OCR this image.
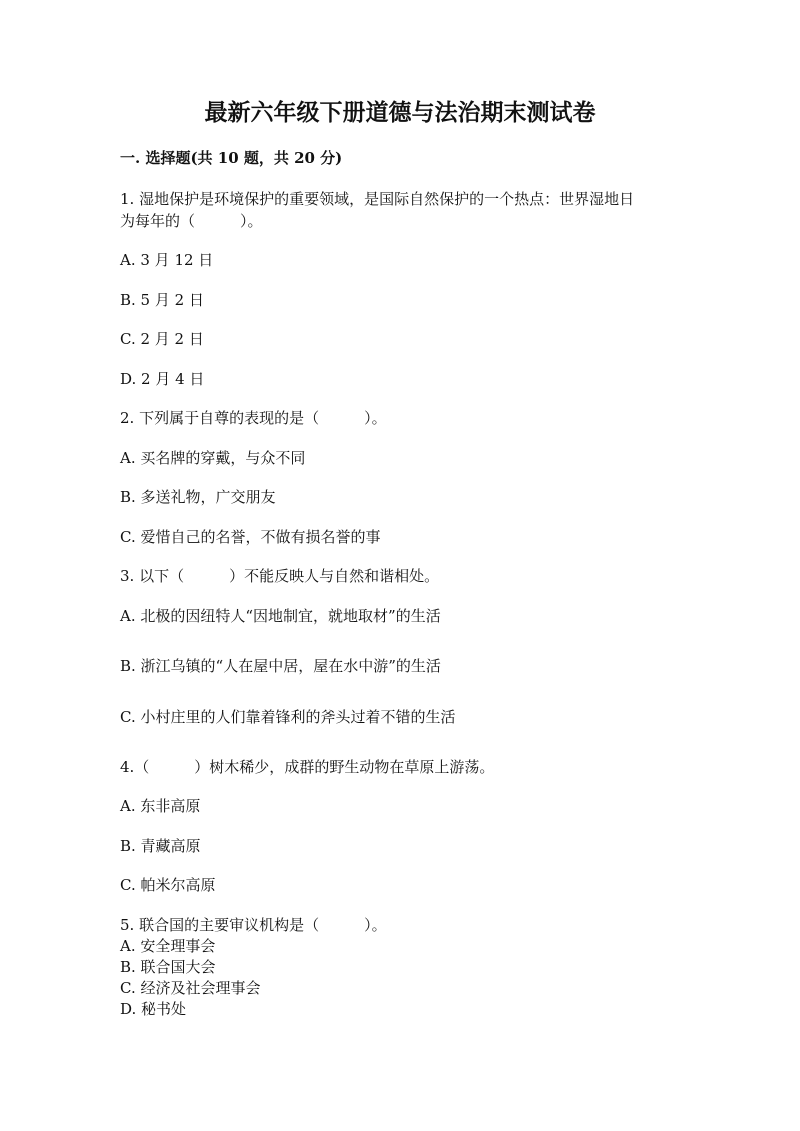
最新六年级下册道德与法治期末测试卷
一. 选择题(共 10 题，共 20 分)
1. 湿地保护是环境保护的重要领域，是国际自然保护的一个热点：世界湿地日
为每年的（　　　）。
A. 3 月 12 日
B. 5 月 2 日
C. 2 月 2 日
D. 2 月 4 日
2. 下列属于自尊的表现的是（　　　）。
A. 买名牌的穿戴，与众不同
B. 多送礼物，广交朋友
C. 爱惜自己的名誉，不做有损名誉的事
3. 以下（　　　）不能反映人与自然和谐相处。
A. 北极的因纽特人“因地制宜，就地取材”的生活
B. 浙江乌镇的“人在屋中居，屋在水中游”的生活
C. 小村庄里的人们靠着锋利的斧头过着不错的生活
4.（　　　）树木稀少，成群的野生动物在草原上游荡。
A. 东非高原
B. 青藏高原
C. 帕米尔高原
5. 联合国的主要审议机构是（　　　）。
A. 安全理事会
B. 联合国大会
C. 经济及社会理事会
D. 秘书处
